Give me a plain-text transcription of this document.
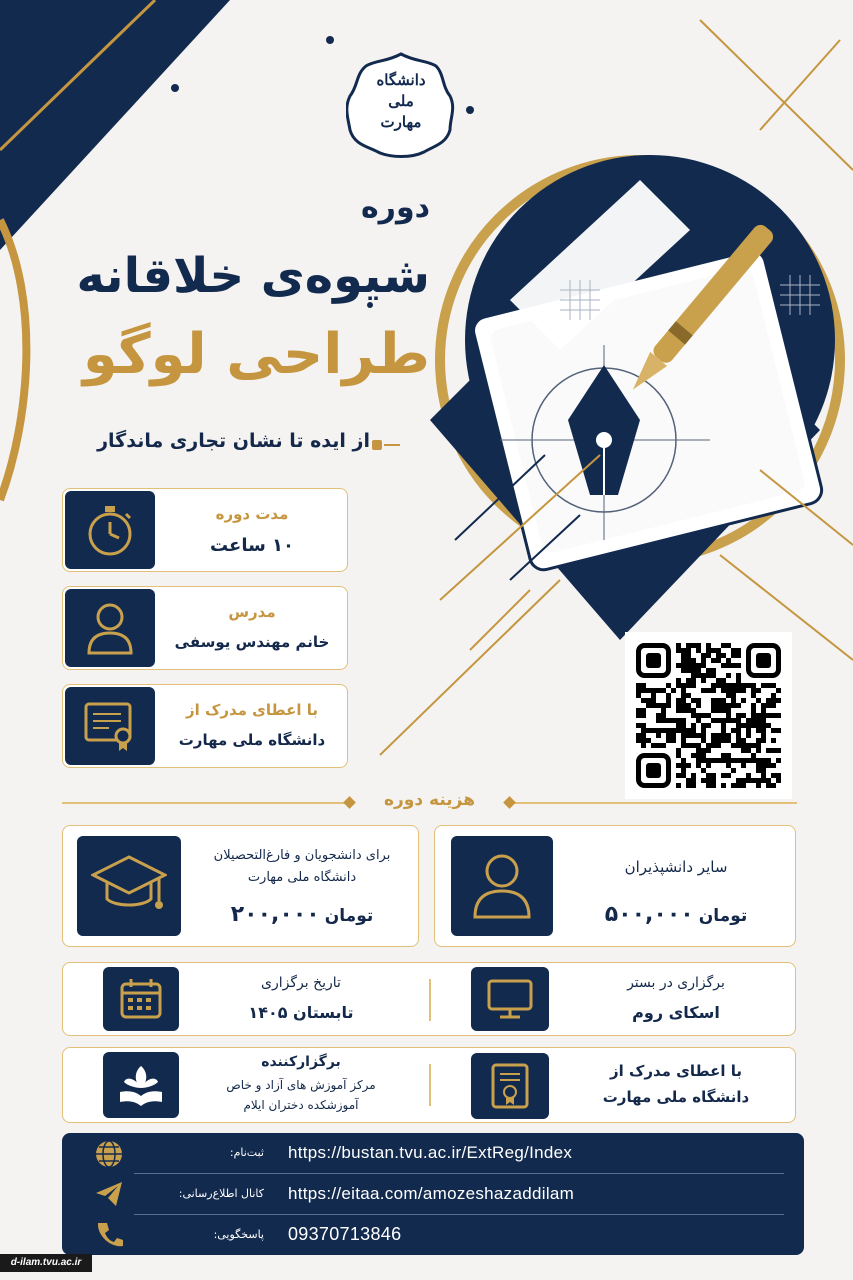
دانشگاه
ملی
مهارت
دوره
شیوه‌ی خلاقانه
طراحی لوگو
از ایده تا نشان تجاری ماندگار
مدت دوره
۱۰ ساعت
مدرس
خانم مهندس یوسفی
با اعطای مدرک از
دانشگاه ملی مهارت
هزینه دوره
برای دانشجویان و فارغ‌التحصیلان
دانشگاه ملی مهارت
تومان ۲۰۰,۰۰۰
سایر دانشپذیران
تومان ۵۰۰,۰۰۰
تاریخ برگزاری
تابستان ۱۴۰۵
برگزاری در بستر
اسکای روم
برگزارکننده
مرکز آموزش های آزاد و خاص
آموزشکده دختران ایلام
با اعطای مدرک از
دانشگاه ملی مهارت
ثبت‌نام: https://bustan.tvu.ac.ir/ExtReg/Index
کانال اطلاع‌رسانی: https://eitaa.com/amozeshazaddilam
پاسخگویی: 09370713846
d-ilam.tvu.ac.ir
